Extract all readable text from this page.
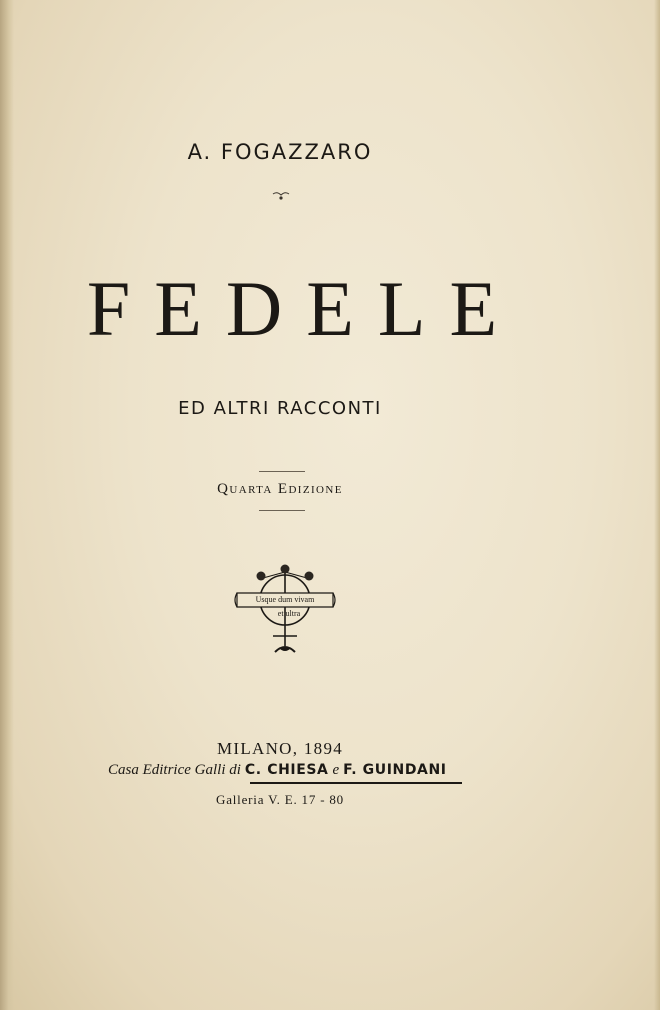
A. FOGAZZARO
FEDELE
ED ALTRI RACCONTI
Quarta Edizione
Usque dum vivam
et ultra
MILANO, 1894
Casa Editrice Galli di C. CHIESA e F. GUINDANI
Galleria V. E. 17 - 80
